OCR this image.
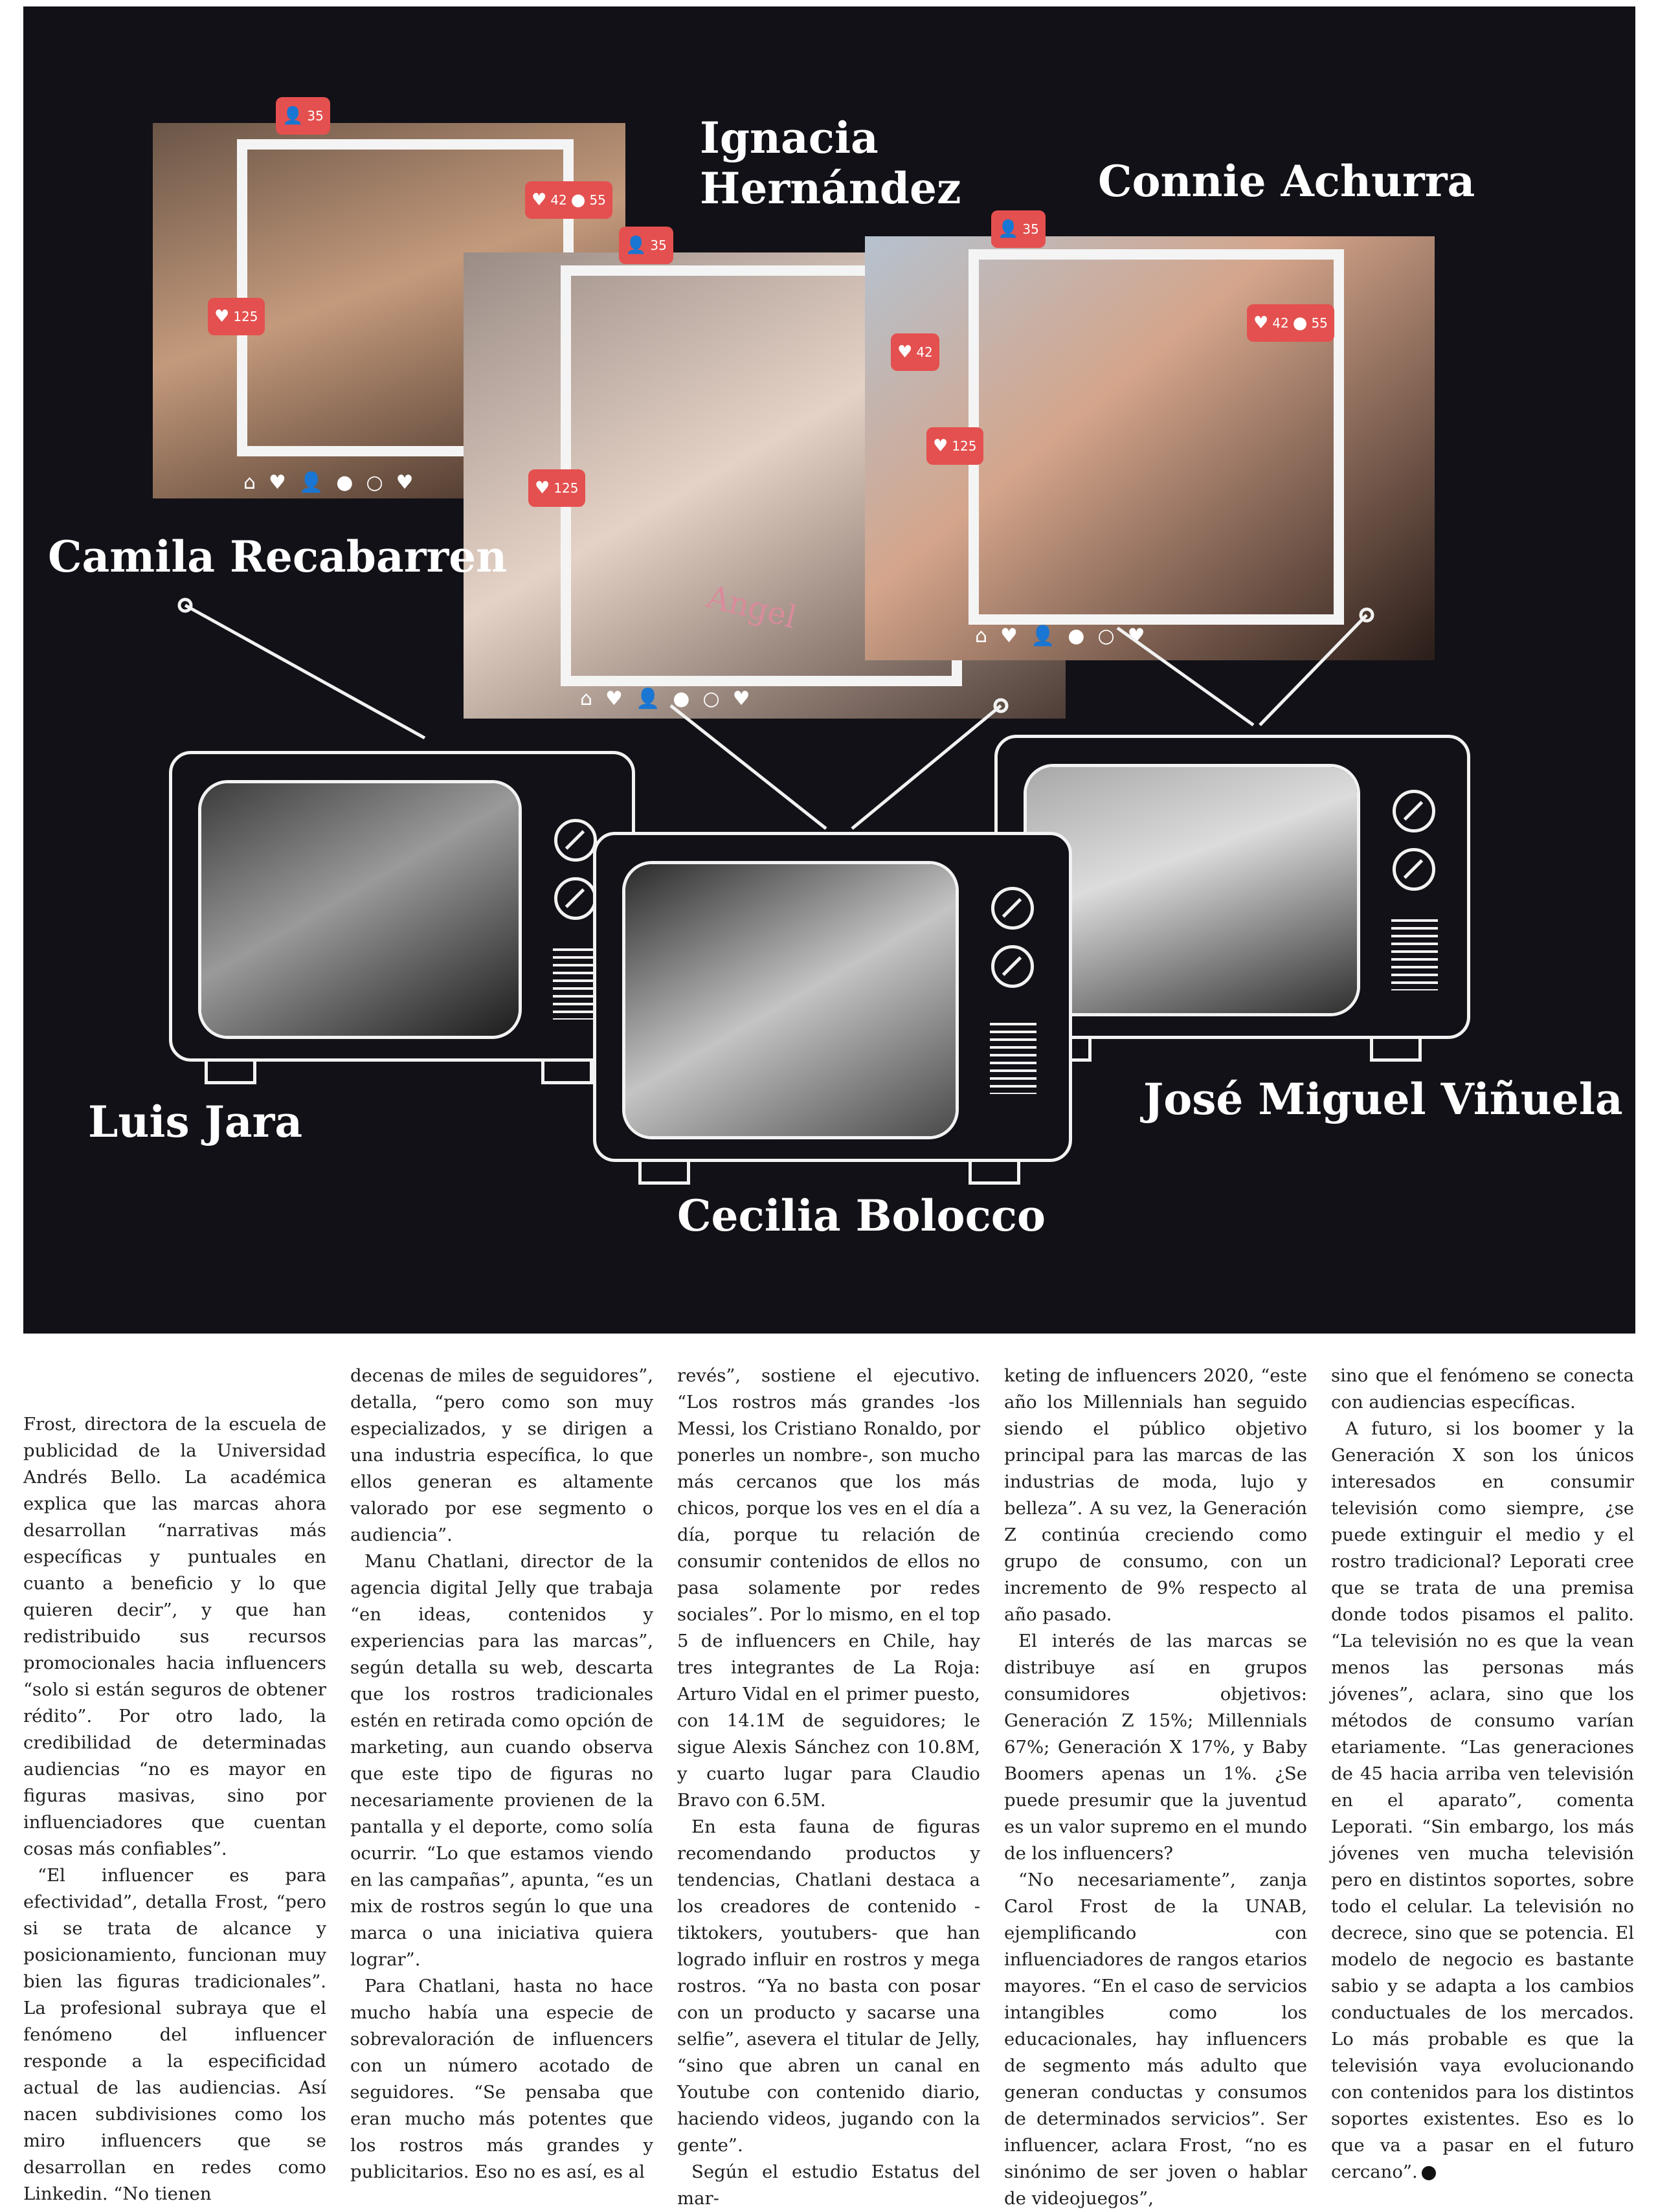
⌂♥👤●○♥
Angel
⌂♥👤●○♥
⌂♥👤●○♥
👤 35
♥ 42 ● 55
♥ 125
👤 35
♥ 42
♥ 125
♥ 125
👤 35
♥ 42 ● 55
Camila Recabarren
Ignacia
Hernández	Connie Achurra
Luis Jara
Cecilia Bolocco
José Miguel Viñuela

Frost, directora de la escuela de publicidad de la Universidad Andrés Bello. La académica explica que las marcas ahora desarrollan “narrativas más específicas y puntuales en cuanto a beneficio y lo que quieren decir”, y que han redistribuido sus recursos promocionales hacia influencers “solo si están seguros de obtener rédito”. Por otro lado, la credibilidad de determinadas audiencias “no es mayor en figuras masivas, sino por influenciadores que cuentan cosas más confiables”.

“El influencer es para efectividad”, detalla Frost, “pero si se trata de alcance y posicionamiento, funcionan muy bien las figuras tradicionales”. La profesional subraya que el fenómeno del influencer responde a la especificidad actual de las audiencias. Así nacen subdivisiones como los miro influencers que se desarrollan en redes como Linkedin. “No tienen

decenas de miles de seguidores”, detalla, “pero como son muy especializados, y se dirigen a una industria específica, lo que ellos generan es altamente valorado por ese segmento o audiencia”.

Manu Chatlani, director de la agencia digital Jelly que trabaja “en ideas, contenidos y experiencias para las marcas”, según detalla su web, descarta que los rostros tradicionales estén en retirada como opción de marketing, aun cuando observa que este tipo de figuras no necesariamente provienen de la pantalla y el deporte, como solía ocurrir. “Lo que estamos viendo en las campañas”, apunta, “es un mix de rostros según lo que una marca o una iniciativa quiera lograr”.

Para Chatlani, hasta no hace mucho había una especie de sobrevaloración de influencers con un número acotado de seguidores. “Se pensaba que eran mucho más potentes que los rostros más grandes y publicitarios. Eso no es así, es al

revés”, sostiene el ejecutivo. “Los rostros más grandes -los Messi, los Cristiano Ronaldo, por ponerles un nombre-, son mucho más cercanos que los más chicos, porque los ves en el día a día, porque tu relación de consumir contenidos de ellos no pasa solamente por redes sociales”. Por lo mismo, en el top 5 de influencers en Chile, hay tres integrantes de La Roja: Arturo Vidal en el primer puesto, con 14.1M de seguidores; le sigue Alexis Sánchez con 10.8M, y cuarto lugar para Claudio Bravo con 6.5M.

En esta fauna de figuras recomendando productos y tendencias, Chatlani destaca a los creadores de contenido -tiktokers, youtubers- que han logrado influir en rostros y mega rostros. “Ya no basta con posar con un producto y sacarse una selfie”, asevera el titular de Jelly, “sino que abren un canal en Youtube con contenido diario, haciendo videos, jugando con la gente”.

Según el estudio Estatus del mar-

keting de influencers 2020, “este año los Millennials han seguido siendo el público objetivo principal para las marcas de las industrias de moda, lujo y belleza”. A su vez, la Generación Z continúa creciendo como grupo de consumo, con un incremento de 9% respecto al año pasado.

El interés de las marcas se distribuye así en grupos consumidores objetivos: Generación Z 15%; Millennials 67%; Generación X 17%, y Baby Boomers apenas un 1%. ¿Se puede presumir que la juventud es un valor supremo en el mundo de los influencers?

“No necesariamente”, zanja Carol Frost de la UNAB, ejemplificando con influenciadores de rangos etarios mayores. “En el caso de servicios intangibles como los educacionales, hay influencers de segmento más adulto que generan conductas y consumos de determinados servicios”. Ser influencer, aclara Frost, “no es sinónimo de ser joven o hablar de videojuegos”,

sino que el fenómeno se conecta con audiencias específicas.

A futuro, si los boomer y la Generación X son los únicos interesados en consumir televisión como siempre, ¿se puede extinguir el medio y el rostro tradicional? Leporati cree que se trata de una premisa donde todos pisamos el palito. “La televisión no es que la vean menos las personas más jóvenes”, aclara, sino que los métodos de consumo varían etariamente. “Las generaciones de 45 hacia arriba ven televisión en el aparato”, comenta Leporati. “Sin embargo, los más jóvenes ven mucha televisión pero en distintos soportes, sobre todo el celular. La televisión no decrece, sino que se potencia. El modelo de negocio es bastante sabio y se adapta a los cambios conductuales de los mercados. Lo más probable es que la televisión vaya evolucionando con contenidos para los distintos soportes existentes. Eso es lo que va a pasar en el futuro cercano”.
